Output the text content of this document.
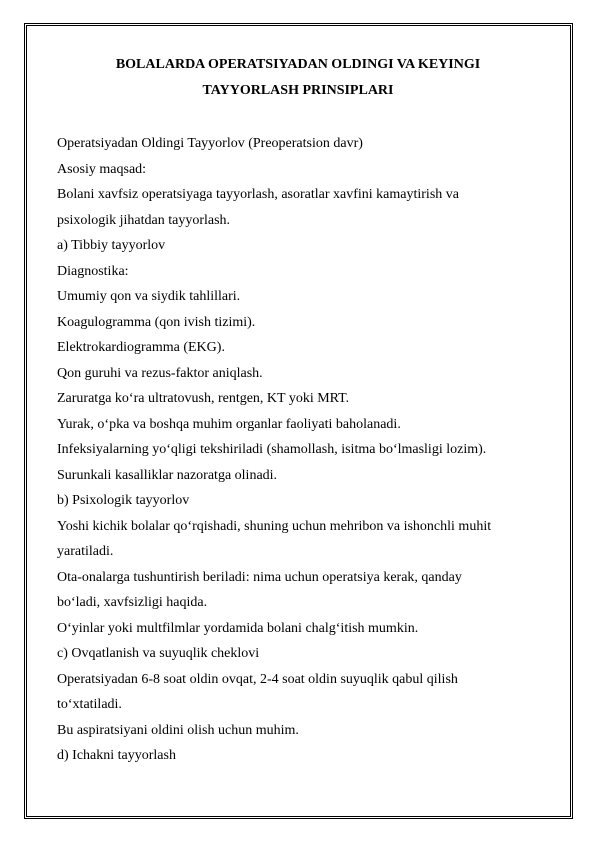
BOLALARDA OPERATSIYADAN OLDINGI VA KEYINGI
TAYYORLASH PRINSIPLARI
Operatsiyadan Oldingi Tayyorlov (Preoperatsion davr)
Asosiy maqsad:
Bolani xavfsiz operatsiyaga tayyorlash, asoratlar xavfini kamaytirish va
psixologik jihatdan tayyorlash.
a) Tibbiy tayyorlov
Diagnostika:
Umumiy qon va siydik tahlillari.
Koagulogramma (qon ivish tizimi).
Elektrokardiogramma (EKG).
Qon guruhi va rezus-faktor aniqlash.
Zaruratga ko‘ra ultratovush, rentgen, KT yoki MRT.
Yurak, o‘pka va boshqa muhim organlar faoliyati baholanadi.
Infeksiyalarning yo‘qligi tekshiriladi (shamollash, isitma bo‘lmasligi lozim).
Surunkali kasalliklar nazoratga olinadi.
b) Psixologik tayyorlov
Yoshi kichik bolalar qo‘rqishadi, shuning uchun mehribon va ishonchli muhit
yaratiladi.
Ota-onalarga tushuntirish beriladi: nima uchun operatsiya kerak, qanday
bo‘ladi, xavfsizligi haqida.
O‘yinlar yoki multfilmlar yordamida bolani chalg‘itish mumkin.
c) Ovqatlanish va suyuqlik cheklovi
Operatsiyadan 6-8 soat oldin ovqat, 2-4 soat oldin suyuqlik qabul qilish
to‘xtatiladi.
Bu aspiratsiyani oldini olish uchun muhim.
d) Ichakni tayyorlash
